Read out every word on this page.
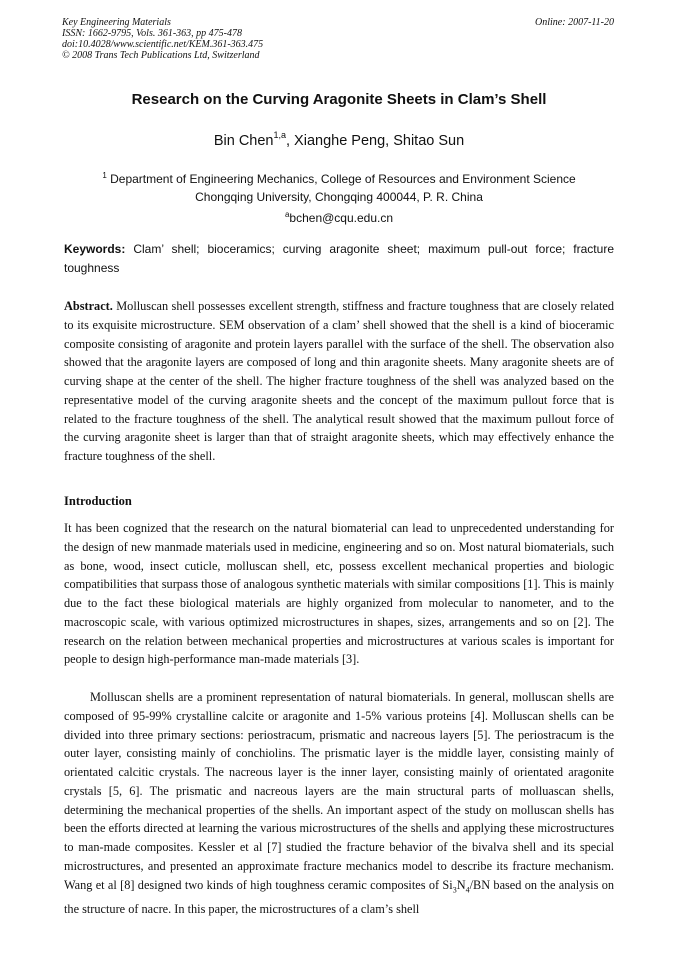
Key Engineering Materials
ISSN: 1662-9795, Vols. 361-363, pp 475-478
doi:10.4028/www.scientific.net/KEM.361-363.475
© 2008 Trans Tech Publications Ltd, Switzerland
Online: 2007-11-20
Research on the Curving Aragonite Sheets in Clam’s Shell
Bin Chen$^{1,a}$, Xianghe Peng, Shitao Sun
$^1$ Department of Engineering Mechanics, College of Resources and Environment Science
Chongqing University, Chongqing 400044, P. R. China
$^a$bchen@cqu.edu.cn
Keywords: Clam’ shell; bioceramics; curving aragonite sheet; maximum pull-out force; fracture toughness
Abstract. Molluscan shell possesses excellent strength, stiffness and fracture toughness that are closely related to its exquisite microstructure. SEM observation of a clam’ shell showed that the shell is a kind of bioceramic composite consisting of aragonite and protein layers parallel with the surface of the shell. The observation also showed that the aragonite layers are composed of long and thin aragonite sheets. Many aragonite sheets are of curving shape at the center of the shell. The higher fracture toughness of the shell was analyzed based on the representative model of the curving aragonite sheets and the concept of the maximum pullout force that is related to the fracture toughness of the shell. The analytical result showed that the maximum pullout force of the curving aragonite sheet is larger than that of straight aragonite sheets, which may effectively enhance the fracture toughness of the shell.
Introduction
It has been cognized that the research on the natural biomaterial can lead to unprecedented understanding for the design of new manmade materials used in medicine, engineering and so on. Most natural biomaterials, such as bone, wood, insect cuticle, molluscan shell, etc, possess excellent mechanical properties and biologic compatibilities that surpass those of analogous synthetic materials with similar compositions [1]. This is mainly due to the fact these biological materials are highly organized from molecular to nanometer, and to the macroscopic scale, with various optimized microstructures in shapes, sizes, arrangements and so on [2]. The research on the relation between mechanical properties and microstructures at various scales is important for people to design high-performance man-made materials [3].
Molluscan shells are a prominent representation of natural biomaterials. In general, molluscan shells are composed of 95-99% crystalline calcite or aragonite and 1-5% various proteins [4]. Molluscan shells can be divided into three primary sections: periostracum, prismatic and nacreous layers [5]. The periostracum is the outer layer, consisting mainly of conchiolins. The prismatic layer is the middle layer, consisting mainly of orientated calcitic crystals. The nacreous layer is the inner layer, consisting mainly of orientated aragonite crystals [5, 6]. The prismatic and nacreous layers are the main structural parts of molluascan shells, determining the mechanical properties of the shells. An important aspect of the study on molluscan shells has been the efforts directed at learning the various microstructures of the shells and applying these microstructures to man-made composites. Kessler et al [7] studied the fracture behavior of the bivalva shell and its special microstructures, and presented an approximate fracture mechanics model to describe its fracture mechanism. Wang et al [8] designed two kinds of high toughness ceramic composites of $Si_3N_4/BN$ based on the analysis on the structure of nacre. In this paper, the microstructures of a clam’s shell
